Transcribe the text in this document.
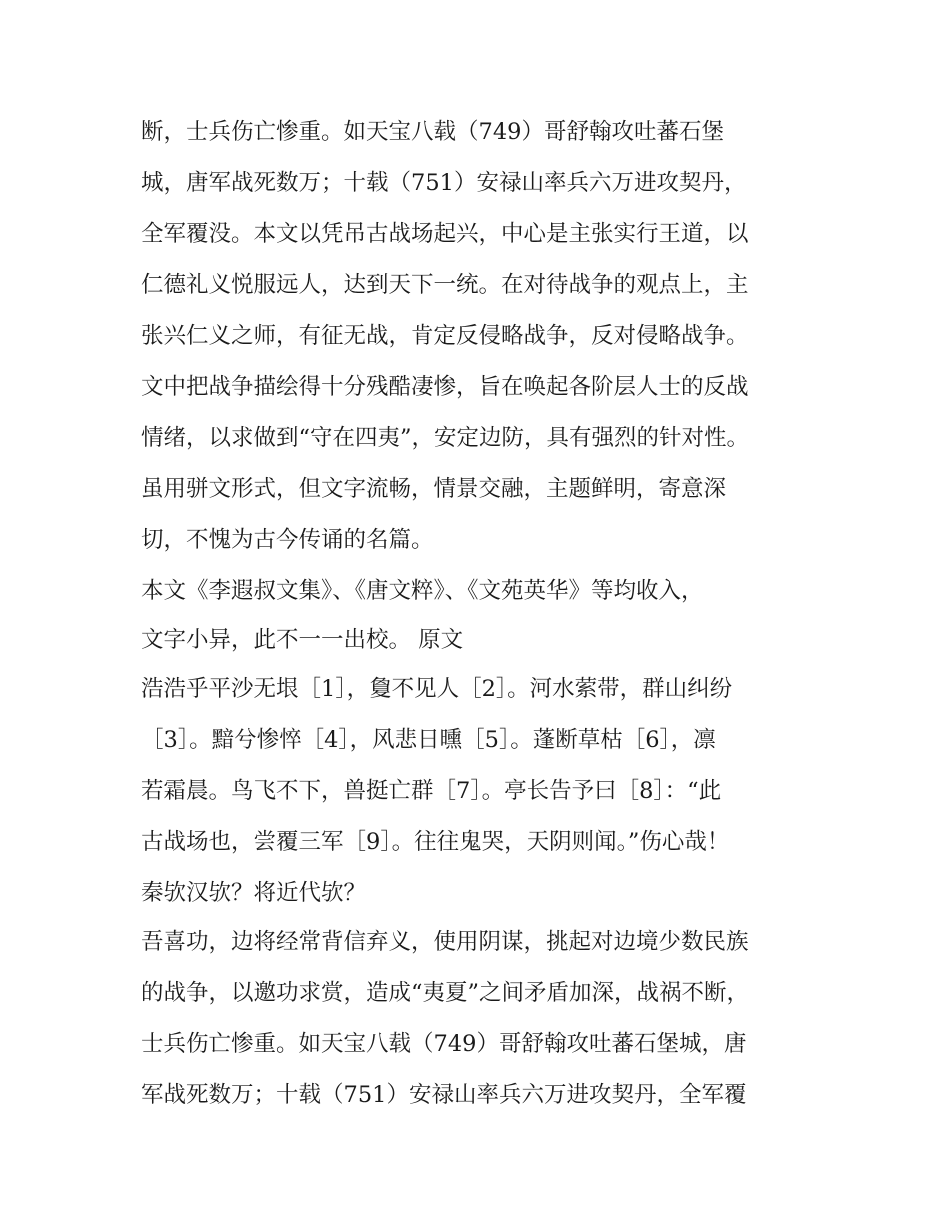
断，士兵伤亡惨重。如天宝八载（749）哥舒翰攻吐蕃石堡
城，唐军战死数万；十载（751）安禄山率兵六万进攻契丹，
全军覆没。本文以凭吊古战场起兴，中心是主张实行王道，以
仁德礼义悦服远人，达到天下一统。在对待战争的观点上，主
张兴仁义之师，有征无战，肯定反侵略战争，反对侵略战争。
文中把战争描绘得十分残酷凄惨，旨在唤起各阶层人士的反战
情绪，以求做到“守在四夷”，安定边防，具有强烈的针对性。
虽用骈文形式，但文字流畅，情景交融，主题鲜明，寄意深
切，不愧为古今传诵的名篇。
本文《李遐叔文集》、《唐文粹》、《文苑英华》等均收入，
文字小异，此不一一出校。 原文
浩浩乎平沙无垠［1］，敻不见人［2］。河水萦带，群山纠纷
［3］。黯兮惨悴［4］，风悲日曛［5］。蓬断草枯［6］，凛
若霜晨。鸟飞不下，兽挺亡群［7］。亭长告予曰［8］：“此
古战场也，尝覆三军［9］。往往鬼哭，天阴则闻。”伤心哉！
秦欤汉欤？将近代欤？
吾喜功，边将经常背信弃义，使用阴谋，挑起对边境少数民族
的战争，以邀功求赏，造成“夷夏”之间矛盾加深，战祸不断，
士兵伤亡惨重。如天宝八载（749）哥舒翰攻吐蕃石堡城，唐
军战死数万；十载（751）安禄山率兵六万进攻契丹，全军覆
